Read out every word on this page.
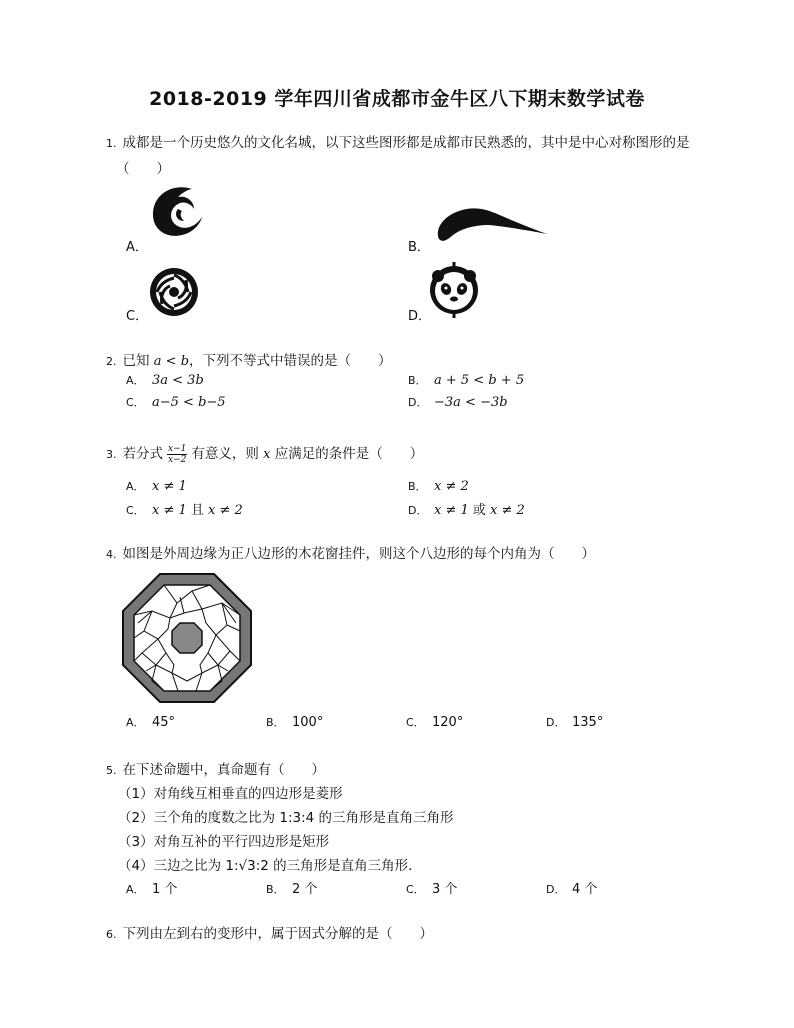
2018-2019 学年四川省成都市金牛区八下期末数学试卷
1. 成都是一个历史悠久的文化名城，以下这些图形都是成都市民熟悉的，其中是中心对称图形的是
（　　）
A．	B．
C．	D．
2. 已知 a < b，下列不等式中错误的是（　　）
A． 3a < 3b	B． a + 5 < b + 5
C． a−5 < b−5	D． −3a < −3b
3. 若分式 $\frac{x-1}{x-2}$ 有意义，则 x 应满足的条件是（　　）
A． x ≠ 1	B． x ≠ 2
C． x ≠ 1 且 x ≠ 2	D． x ≠ 1 或 x ≠ 2
4. 如图是外周边缘为正八边形的木花窗挂件，则这个八边形的每个内角为（　　）
A． 45°	B． 100°	C． 120°	D． 135°
5. 在下述命题中，真命题有（　　）
（1）对角线互相垂直的四边形是菱形
（2）三个角的度数之比为 1:3:4 的三角形是直角三角形
（3）对角互补的平行四边形是矩形
（4）三边之比为 1:√3:2 的三角形是直角三角形．
A． 1 个	B． 2 个	C． 3 个	D． 4 个
6. 下列由左到右的变形中，属于因式分解的是（　　）
